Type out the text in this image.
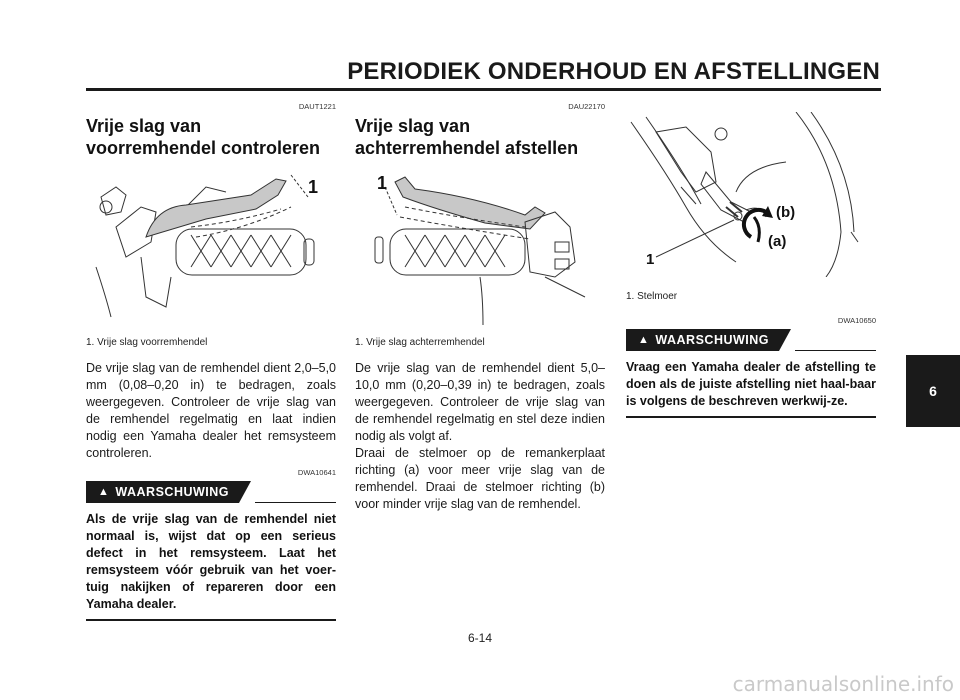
PERIODIEK ONDERHOUD EN AFSTELLINGEN
DAUT1221
Vrije slag van voorremhendel controleren
1
1. Vrije slag voorremhendel

De vrije slag van de remhendel dient 2,0–5,0 mm (0,08–0,20 in) te bedragen, zoals weergegeven. Controleer de vrije slag van de remhendel regelmatig en laat indien nodig een Yamaha dealer het remsysteem controleren.

DWA10641
▲ WAARSCHUWING
Als de vrije slag van de remhendel niet normaal is, wijst dat op een serieus defect in het remsysteem. Laat het remsysteem vóór gebruik van het voer-tuig nakijken of repareren door een Yamaha dealer.
DAU22170
Vrije slag van achterremhendel afstellen
1
1. Vrije slag achterremhendel

De vrije slag van de remhendel dient 5,0–10,0 mm (0,20–0,39 in) te bedragen, zoals weergegeven. Controleer de vrije slag van de remhendel regelmatig en stel deze indien nodig als volgt af.

Draai de stelmoer op de remankerplaat richting (a) voor meer vrije slag van de remhendel. Draai de stelmoer richting (b) voor minder vrije slag van de remhendel.

(b)
(a)
1
1. Stelmoer
DWA10650
▲ WAARSCHUWING
Vraag een Yamaha dealer de afstelling te doen als de juiste afstelling niet haal-baar is volgens de beschreven werkwij-ze.
6
6-14
carmanualsonline.info
